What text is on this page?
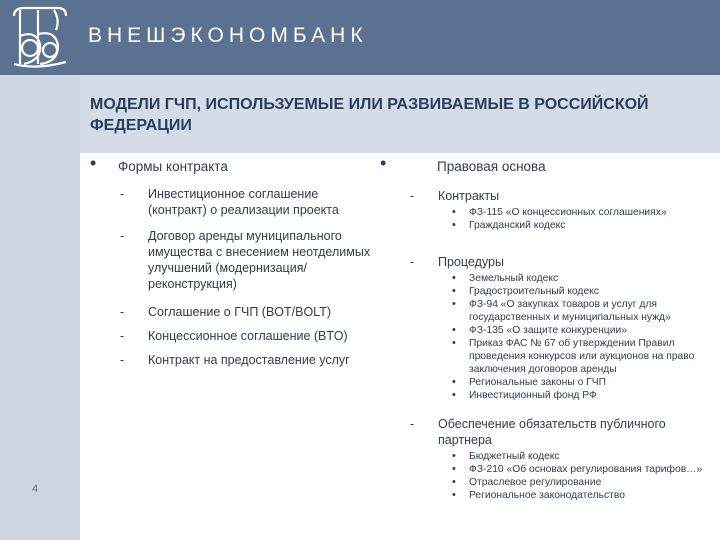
ВНЕШЭКОНОМБАНК
МОДЕЛИ ГЧП, ИСПОЛЬЗУЕМЫЕ ИЛИ РАЗВИВАЕМЫЕ В РОССИЙСКОЙ ФЕДЕРАЦИИ
• Формы контракта
- Инвестиционное соглашение (контракт) о реализации проекта
- Договор аренды муниципального имущества с внесением неотделимых улучшений (модернизация/реконструкция)
- Соглашение о ГЧП (BOT/BOLT)
- Концессионное соглашение (BTO)
- Контракт на предоставление услуг
•	Правовая основа
- Контракты
• ФЗ-115 «О концессионных соглашениях»
• Гражданский кодекс
- Процедуры
• Земельный кодекс
• Градостроительный кодекс
• ФЗ-94 «О закупках товаров и услуг для государственных и муниципальных нужд»
• ФЗ-135 «О защите конкуренции»
• Приказ ФАС № 67 об утверждении Правил проведения конкурсов или аукционов на право заключения договоров аренды
• Региональные законы о ГЧП
• Инвестиционный фонд РФ
- Обеспечение обязательств публичного партнера
• Бюджетный кодекс
• ФЗ-210 «Об основах регулирования тарифов…»
• Отраслевое регулирование
• Региональное законодательство
4
